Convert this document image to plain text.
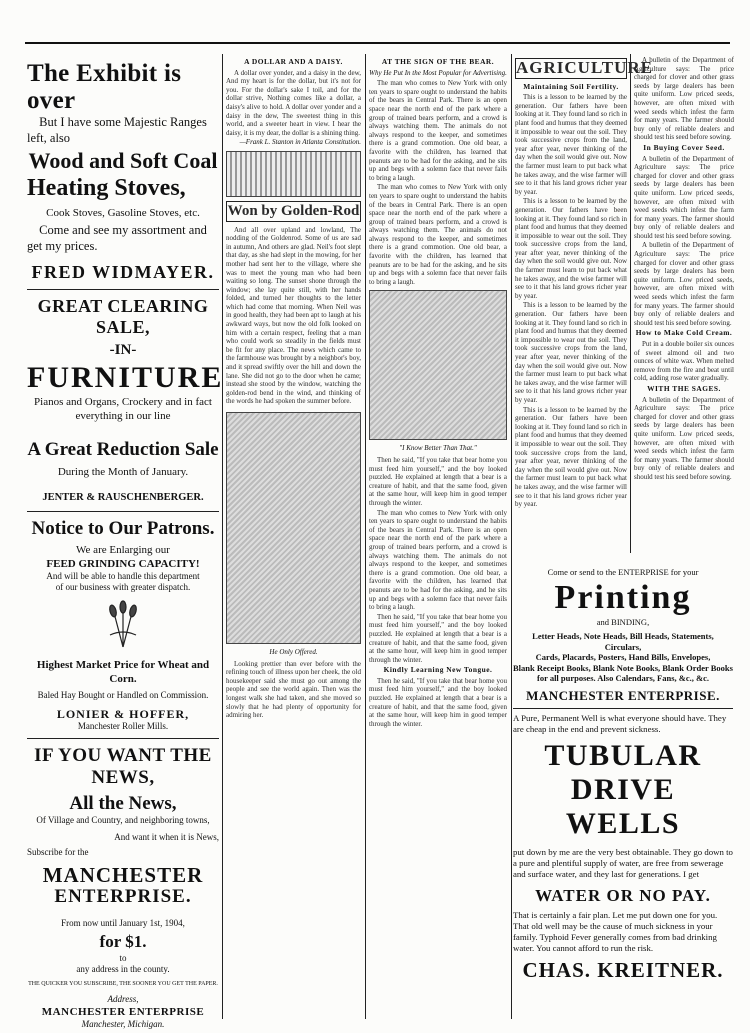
The Exhibit is over
But I have some Majestic Ranges
left, also
Wood and Soft Coal
Heating Stoves,
Cook Stoves, Gasoline Stoves, etc.
Come and see my assortment and
get my prices.
FRED WIDMAYER.
GREAT CLEARING SALE,
-IN-
FURNITURE
Pianos and Organs, Crockery and in fact
everything in our line
A Great Reduction Sale
During the Month of January.
JENTER & RAUSCHENBERGER.
Notice to Our Patrons.
We are Enlarging our
FEED GRINDING CAPACITY!
And will be able to handle this department
of our business with greater dispatch.
Highest Market Price for Wheat and Corn.
Baled Hay Bought or Handled on Commission.
LONIER & HOFFER,
Manchester Roller Mills.
IF YOU WANT THE NEWS,
All the News,
Of Village and Country, and neighboring towns,
And want it when it is News,
Subscribe for the
MANCHESTER
ENTERPRISE.
From now until January 1st, 1904,
for $1.
to
any address in the county.
THE QUICKER YOU SUBSCRIBE, THE SOONER YOU GET THE PAPER.
Address,
MANCHESTER ENTERPRISE
Manchester, Michigan.
A DOLLAR AND A DAISY.

A dollar over yonder, and a daisy in the dew, And my heart is for the dollar, but it's not for you. For the dollar's sake I toil, and for the dollar strive, Nothing comes like a dollar, a daisy's alive to hold. A dollar over yonder and a daisy in the dew, The sweetest thing in this world, and a sweeter heart in view. I hear the daisy, it is my dear, the dollar is a shining thing.

—Frank L. Stanton in Atlanta Constitution.
Won by Golden-Rod

And all over upland and lowland, The nodding of the Goldenrod. Some of us are sad in autumn, And others are glad. Neil's foot slept that day, as she had slept in the mowing, for her mother had sent her to the village, where she was to meet the young man who had been waiting so long. The sunset shone through the window; she lay quite still, with her hands folded, and turned her thoughts to the letter which had come that morning. When Neil was in good health, they had been apt to laugh at his awkward ways, but now the old folk looked on him with a certain respect, feeling that a man who could work so steadily in the fields must be fit for any place. The news which came to the farmhouse was brought by a neighbor's boy, and it spread swiftly over the hill and down the lane. She did not go to the door when he came; instead she stood by the window, watching the golden-rod bend in the wind, and thinking of the words he had spoken the summer before.

He Only Offered.

Looking prettier than ever before with the refining touch of illness upon her cheek, the old housekeeper said she must go out among the people and see the world again. Then was the longest walk she had taken, and she moved so slowly that he had plenty of opportunity for admiring her.

AT THE SIGN OF THE BEAR.
Why He Put In the Most Popular for Advertising.

The man who comes to New York with only ten years to spare ought to understand the habits of the bears in Central Park. There is an open space near the north end of the park where a group of trained bears perform, and a crowd is always watching them. The animals do not always respond to the keeper, and sometimes there is a grand commotion. One old bear, a favorite with the children, has learned that peanuts are to be had for the asking, and he sits up and begs with a solemn face that never fails to bring a laugh.

The man who comes to New York with only ten years to spare ought to understand the habits of the bears in Central Park. There is an open space near the north end of the park where a group of trained bears perform, and a crowd is always watching them. The animals do not always respond to the keeper, and sometimes there is a grand commotion. One old bear, a favorite with the children, has learned that peanuts are to be had for the asking, and he sits up and begs with a solemn face that never fails to bring a laugh.

"I Know Better Than That."

Then he said, "If you take that bear home you must feed him yourself," and the boy looked puzzled. He explained at length that a bear is a creature of habit, and that the same food, given at the same hour, will keep him in good temper through the winter.

The man who comes to New York with only ten years to spare ought to understand the habits of the bears in Central Park. There is an open space near the north end of the park where a group of trained bears perform, and a crowd is always watching them. The animals do not always respond to the keeper, and sometimes there is a grand commotion. One old bear, a favorite with the children, has learned that peanuts are to be had for the asking, and he sits up and begs with a solemn face that never fails to bring a laugh.

Then he said, "If you take that bear home you must feed him yourself," and the boy looked puzzled. He explained at length that a bear is a creature of habit, and that the same food, given at the same hour, will keep him in good temper through the winter.

Kindly Learning New Tongue.

Then he said, "If you take that bear home you must feed him yourself," and the boy looked puzzled. He explained at length that a bear is a creature of habit, and that the same food, given at the same hour, will keep him in good temper through the winter.

AGRICULTURE
Maintaining Soil Fertility.

This is a lesson to be learned by the generation. Our fathers have been looking at it. They found land so rich in plant food and humus that they deemed it impossible to wear out the soil. They took successive crops from the land, year after year, never thinking of the day when the soil would give out. Now the farmer must learn to put back what he takes away, and the wise farmer will see to it that his land grows richer year by year.

This is a lesson to be learned by the generation. Our fathers have been looking at it. They found land so rich in plant food and humus that they deemed it impossible to wear out the soil. They took successive crops from the land, year after year, never thinking of the day when the soil would give out. Now the farmer must learn to put back what he takes away, and the wise farmer will see to it that his land grows richer year by year.

This is a lesson to be learned by the generation. Our fathers have been looking at it. They found land so rich in plant food and humus that they deemed it impossible to wear out the soil. They took successive crops from the land, year after year, never thinking of the day when the soil would give out. Now the farmer must learn to put back what he takes away, and the wise farmer will see to it that his land grows richer year by year.

This is a lesson to be learned by the generation. Our fathers have been looking at it. They found land so rich in plant food and humus that they deemed it impossible to wear out the soil. They took successive crops from the land, year after year, never thinking of the day when the soil would give out. Now the farmer must learn to put back what he takes away, and the wise farmer will see to it that his land grows richer year by year.

A bulletin of the Department of Agriculture says: The price charged for clover and other grass seeds by large dealers has been quite uniform. Low priced seeds, however, are often mixed with weed seeds which infest the farm for many years. The farmer should buy only of reliable dealers and should test his seed before sowing.

In Buying Cover Seed.

A bulletin of the Department of Agriculture says: The price charged for clover and other grass seeds by large dealers has been quite uniform. Low priced seeds, however, are often mixed with weed seeds which infest the farm for many years. The farmer should buy only of reliable dealers and should test his seed before sowing.

A bulletin of the Department of Agriculture says: The price charged for clover and other grass seeds by large dealers has been quite uniform. Low priced seeds, however, are often mixed with weed seeds which infest the farm for many years. The farmer should buy only of reliable dealers and should test his seed before sowing.

How to Make Cold Cream.

Put in a double boiler six ounces of sweet almond oil and two ounces of white wax. When melted remove from the fire and beat until cold, adding rose water gradually.

WITH THE SAGES.

A bulletin of the Department of Agriculture says: The price charged for clover and other grass seeds by large dealers has been quite uniform. Low priced seeds, however, are often mixed with weed seeds which infest the farm for many years. The farmer should buy only of reliable dealers and should test his seed before sowing.

Come or send to the ENTERPRISE for your
Printing
and BINDING,
Letter Heads, Note Heads, Bill Heads, Statements, Circulars,
Cards, Placards, Posters, Hand Bills, Envelopes,
Blank Receipt Books, Blank Note Books, Blank Order Books
for all purposes. Also Calendars, Fans, &c., &c.
MANCHESTER ENTERPRISE.
A Pure, Permanent Well is what everyone should have. They are cheap in the end and prevent sickness.
TUBULAR
DRIVE WELLS
put down by me are the very best obtainable. They go down to a pure and plentiful supply of water, are free from sewerage and surface water, and they last for generations. I get
WATER OR NO PAY.
That is certainly a fair plan. Let me put down one for you. That old well may be the cause of much sickness in your family. Typhoid Fever generally comes from bad drinking water. You cannot afford to run the risk.
CHAS. KREITNER.
